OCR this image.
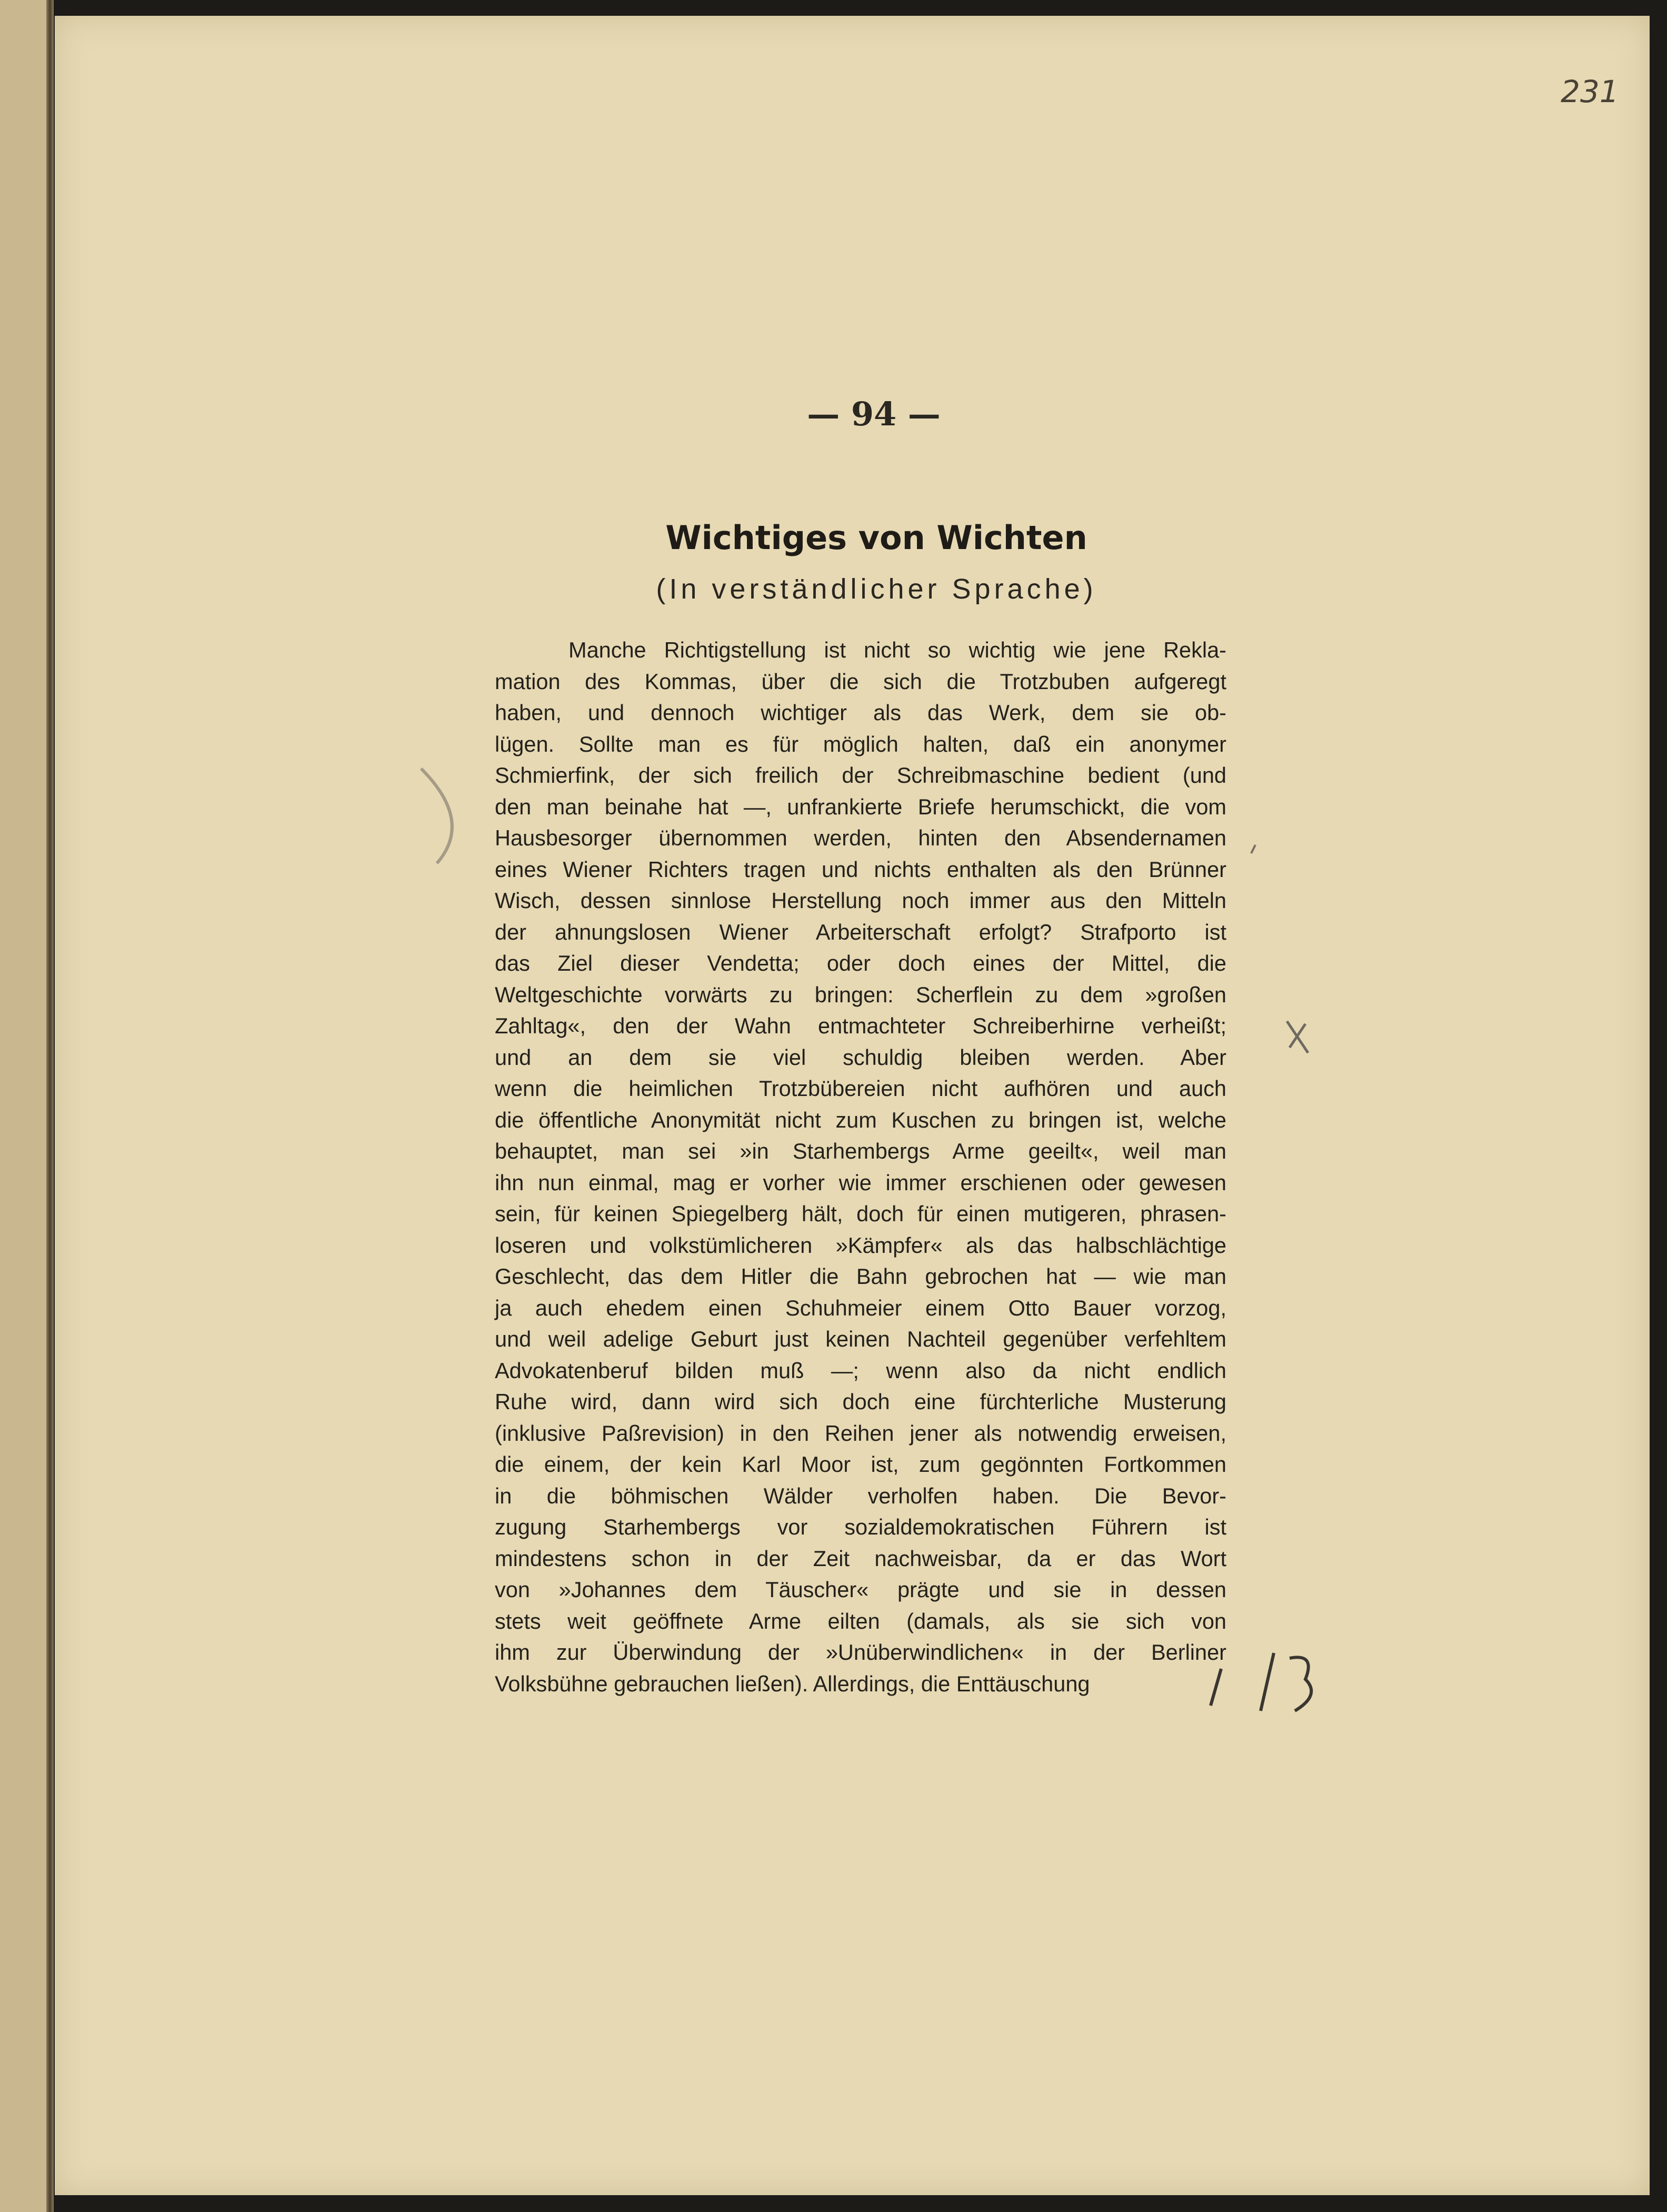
231
— 94 —
Wichtiges von Wichten
(In verständlicher Sprache)
Manche Richtigstellung ist nicht so wichtig wie jene Rekla-
mation des Kommas, über die sich die Trotzbuben aufgeregt
haben, und dennoch wichtiger als das Werk, dem sie ob-
lügen. Sollte man es für möglich halten, daß ein anonymer
Schmierfink, der sich freilich der Schreibmaschine bedient (und
den man beinahe hat —, unfrankierte Briefe herumschickt, die vom
Hausbesorger übernommen werden, hinten den Absendernamen
eines Wiener Richters tragen und nichts enthalten als den Brünner
Wisch, dessen sinnlose Herstellung noch immer aus den Mitteln
der ahnungslosen Wiener Arbeiterschaft erfolgt? Strafporto ist
das Ziel dieser Vendetta; oder doch eines der Mittel, die
Weltgeschichte vorwärts zu bringen: Scherflein zu dem »großen
Zahltag«, den der Wahn entmachteter Schreiberhirne verheißt;
und an dem sie viel schuldig bleiben werden. Aber
wenn die heimlichen Trotzbübereien nicht aufhören und auch
die öffentliche Anonymität nicht zum Kuschen zu bringen ist, welche
behauptet, man sei »in Starhembergs Arme geeilt«, weil man
ihn nun einmal, mag er vorher wie immer erschienen oder gewesen
sein, für keinen Spiegelberg hält, doch für einen mutigeren, phrasen-
loseren und volkstümlicheren »Kämpfer« als das halbschlächtige
Geschlecht, das dem Hitler die Bahn gebrochen hat — wie man
ja auch ehedem einen Schuhmeier einem Otto Bauer vorzog,
und weil adelige Geburt just keinen Nachteil gegenüber verfehltem
Advokatenberuf bilden muß —; wenn also da nicht endlich
Ruhe wird, dann wird sich doch eine fürchterliche Musterung
(inklusive Paßrevision) in den Reihen jener als notwendig erweisen,
die einem, der kein Karl Moor ist, zum gegönnten Fortkommen
in die böhmischen Wälder verholfen haben. Die Bevor-
zugung Starhembergs vor sozialdemokratischen Führern ist
mindestens schon in der Zeit nachweisbar, da er das Wort
von »Johannes dem Täuscher« prägte und sie in dessen
stets weit geöffnete Arme eilten (damals, als sie sich von
ihm zur Überwindung der »Unüberwindlichen« in der Berliner
Volksbühne gebrauchen ließen). Allerdings, die Enttäuschung
